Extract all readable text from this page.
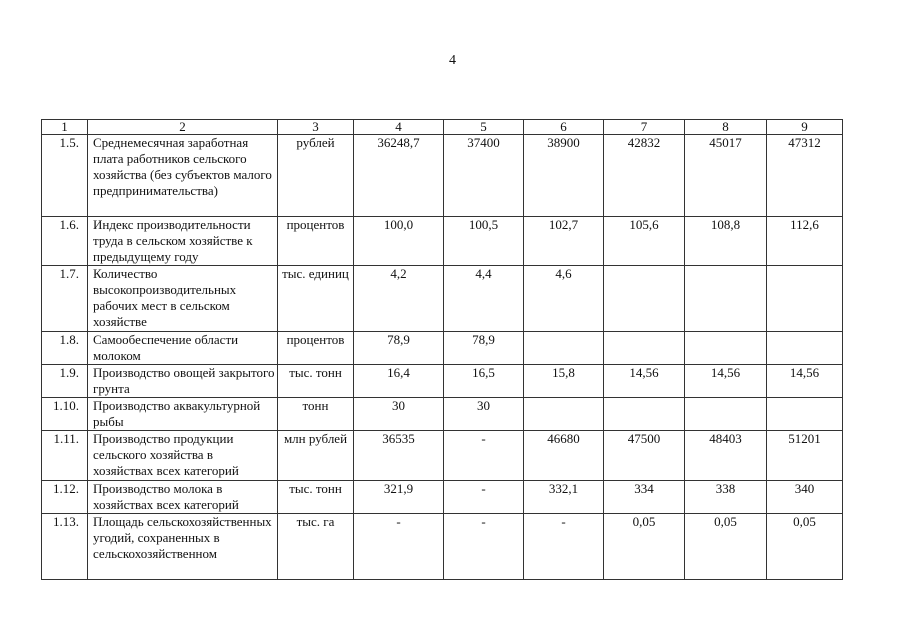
4
1	2	3	4	5	6	7	8	9
1.5.	Среднемесячная заработная плата работников сельского хозяйства (без субъектов малого предпринимательства)	рублей	36248,7	37400	38900	42832	45017	47312
1.6.	Индекс производительности труда в сельском хозяйстве к предыдущему году	процентов	100,0	100,5	102,7	105,6	108,8	112,6
1.7.	Количество высокопроизводительных рабочих мест в сельском хозяйстве	тыс. единиц	4,2	4,4	4,6			
1.8.	Самообеспечение области молоком	процентов	78,9	78,9				
1.9.	Производство овощей закрытого грунта	тыс. тонн	16,4	16,5	15,8	14,56	14,56	14,56
1.10.	Производство аквакультурной рыбы	тонн	30	30				
1.11.	Производство продукции сельского хозяйства в хозяйствах всех категорий	млн рублей	36535	-	46680	47500	48403	51201
1.12.	Производство молока в хозяйствах всех категорий	тыс. тонн	321,9	-	332,1	334	338	340
1.13.	Площадь сельскохозяйственных угодий, сохраненных в сельскохозяйственном	тыс. га	-	-	-	0,05	0,05	0,05
